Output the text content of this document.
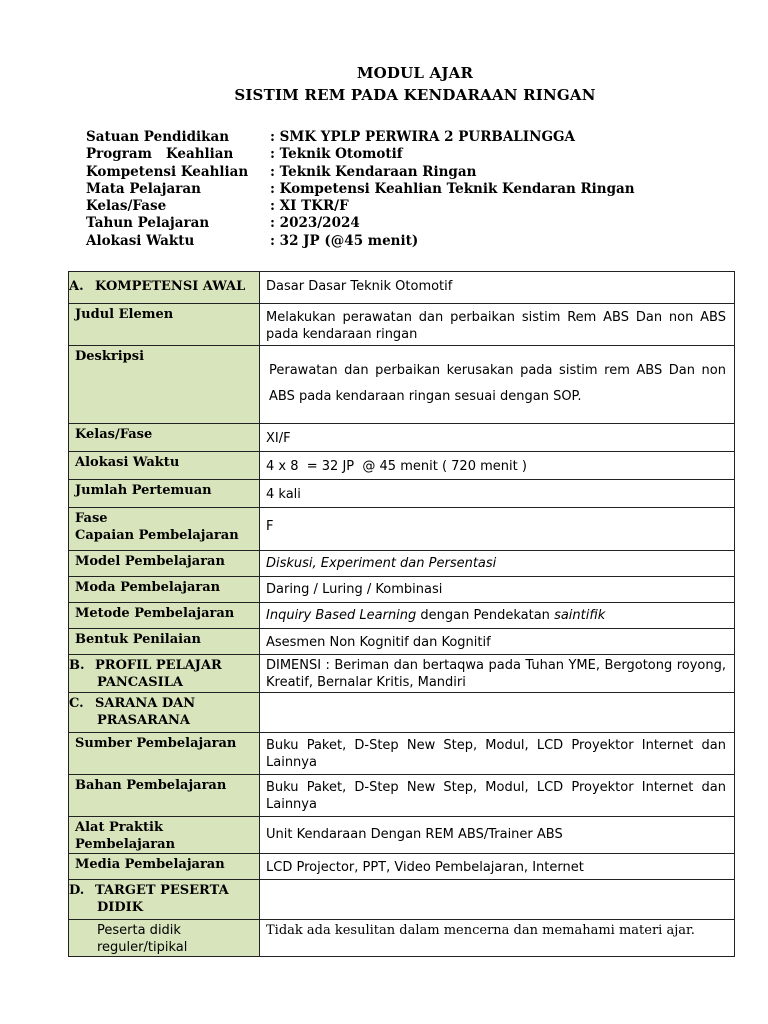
MODUL AJAR
SISTIM REM PADA KENDARAAN RINGAN
Satuan Pendidikan	: SMK YPLP PERWIRA 2 PURBALINGGA
Program   Keahlian	: Teknik Otomotif
Kompetensi Keahlian : Teknik Kendaraan Ringan
Mata Pelajaran	: Kompetensi Keahlian Teknik Kendaran Ringan
Kelas/Fase	: XI TKR/F
Tahun Pelajaran	: 2023/2024
Alokasi Waktu	: 32 JP (@45 menit)
A. KOMPETENSI AWAL	Dasar Dasar Teknik Otomotif

Judul Elemen	Melakukan perawatan dan perbaikan sistim Rem ABS Dan non ABS pada kendaraan ringan

Deskripsi	Perawatan dan perbaikan kerusakan pada sistim rem ABS Dan non ABS pada kendaraan ringan sesuai dengan SOP.

Kelas/Fase	XI/F

Alokasi Waktu	4 x 8  = 32 JP  @ 45 menit ( 720 menit )

Jumlah Pertemuan	4 kali

Fase
Capaian Pembelajaran	F

Model Pembelajaran	Diskusi, Experiment dan Persentasi

Moda Pembelajaran	Daring / Luring / Kombinasi

Metode Pembelajaran	Inquiry Based Learning dengan Pendekatan saintifik

Bentuk Penilaian	Asesmen Non Kognitif dan Kognitif

B. PROFIL PELAJAR
PANCASILA	DIMENSI : Beriman dan bertaqwa pada Tuhan YME, Bergotong royong, Kreatif, Bernalar Kritis, Mandiri

C. SARANA DAN
PRASARANA	

Sumber Pembelajaran	Buku Paket, D-Step New Step, Modul, LCD Proyektor Internet dan Lainnya

Bahan Pembelajaran	Buku Paket, D-Step New Step, Modul, LCD Proyektor Internet dan Lainnya

Alat Praktik
Pembelajaran	Unit Kendaraan Dengan REM ABS/Trainer ABS

Media Pembelajaran	LCD Projector, PPT, Video Pembelajaran, Internet

D. TARGET PESERTA
DIDIK	

Peserta didik
reguler/tipikal	Tidak ada kesulitan dalam mencerna dan memahami materi ajar.
